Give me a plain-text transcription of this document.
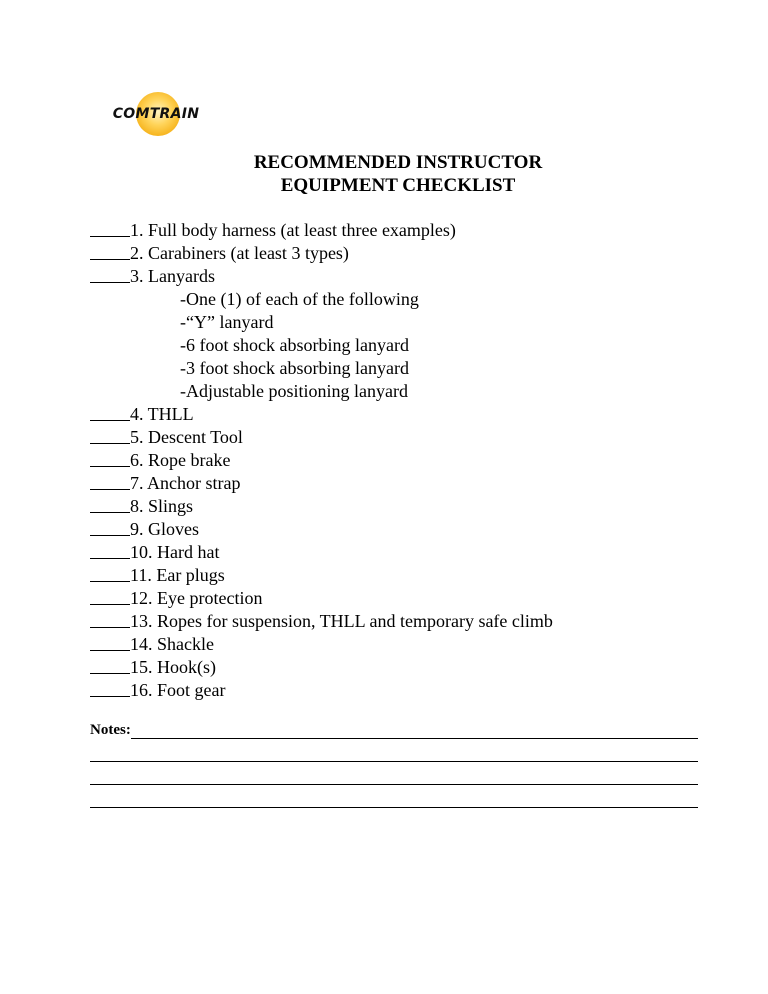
COMTRAIN
RECOMMENDED INSTRUCTOR
EQUIPMENT CHECKLIST
1. Full body harness (at least three examples)
2. Carabiners (at least 3 types)
3. Lanyards
-One (1) of each of the following
-“Y” lanyard
-6 foot shock absorbing lanyard
-3 foot shock absorbing lanyard
-Adjustable positioning lanyard
4. THLL
5. Descent Tool
6. Rope brake
7. Anchor strap
8. Slings
9. Gloves
10. Hard hat
11. Ear plugs
12. Eye protection
13. Ropes for suspension, THLL and temporary safe climb
14. Shackle
15. Hook(s)
16. Foot gear
Notes:
